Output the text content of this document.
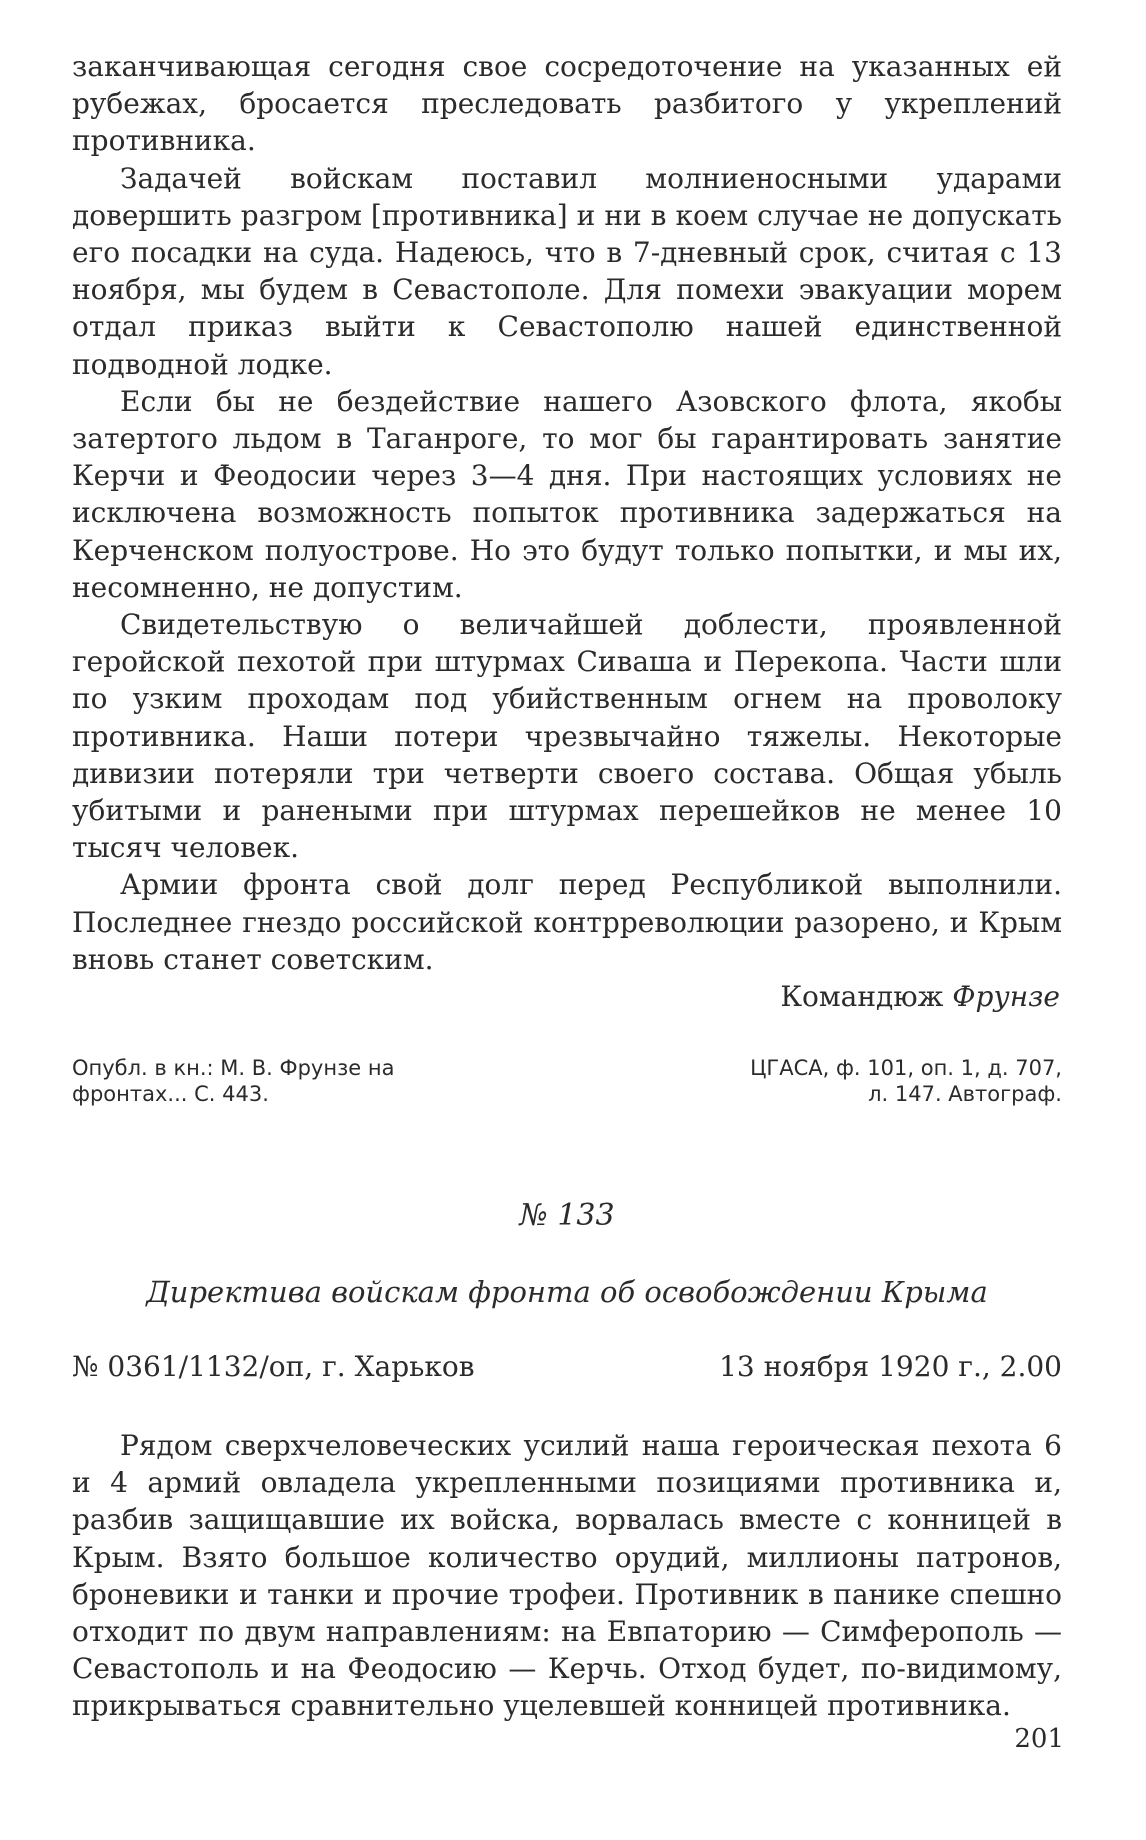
заканчивающая сегодня свое сосредоточение на указанных ей рубежах, бросается преследовать разбитого у укреплений противника.

Задачей войскам поставил молниеносными ударами довершить разгром [противника] и ни в коем случае не допускать его посадки на суда. Надеюсь, что в 7-дневный срок, считая с 13 ноября, мы будем в Севастополе. Для помехи эвакуации морем отдал приказ выйти к Севастополю нашей единственной подводной лодке.

Если бы не бездействие нашего Азовского флота, якобы затертого льдом в Таганроге, то мог бы гарантировать занятие Керчи и Феодосии через 3—4 дня. При настоящих условиях не исключена возможность попыток противника задержаться на Керченском полуострове. Но это будут только попытки, и мы их, несомненно, не допустим.

Свидетельствую о величайшей доблести, проявленной геройской пехотой при штурмах Сиваша и Перекопа. Части шли по узким проходам под убийственным огнем на проволоку противника. Наши потери чрезвычайно тяжелы. Некоторые дивизии потеряли три четверти своего состава. Общая убыль убитыми и ранеными при штурмах перешейков не менее 10 тысяч человек.

Армии фронта свой долг перед Республикой выполнили. Последнее гнездо российской контрреволюции разорено, и Крым вновь станет советским.

Командюж Фрунзе

Опубл. в кн.: М. В. Фрунзе на
фронтах... С. 443.
ЦГАСА, ф. 101, оп. 1, д. 707,
л. 147. Автограф.
№ 133
Директива войскам фронта об освобождении Крыма
№ 0361/1132/оп, г. Харьков	13 ноября 1920 г., 2.00

Рядом сверхчеловеческих усилий наша героическая пехота 6 и 4 армий овладела укрепленными позициями противника и, разбив защищавшие их войска, ворвалась вместе с конницей в Крым. Взято большое количество орудий, миллионы патронов, броневики и танки и прочие трофеи. Противник в панике спешно отходит по двум направлениям: на Евпаторию — Симферополь — Севастополь и на Феодосию — Керчь. Отход будет, по-видимому, прикрываться сравнительно уцелевшей конницей противника.

201
